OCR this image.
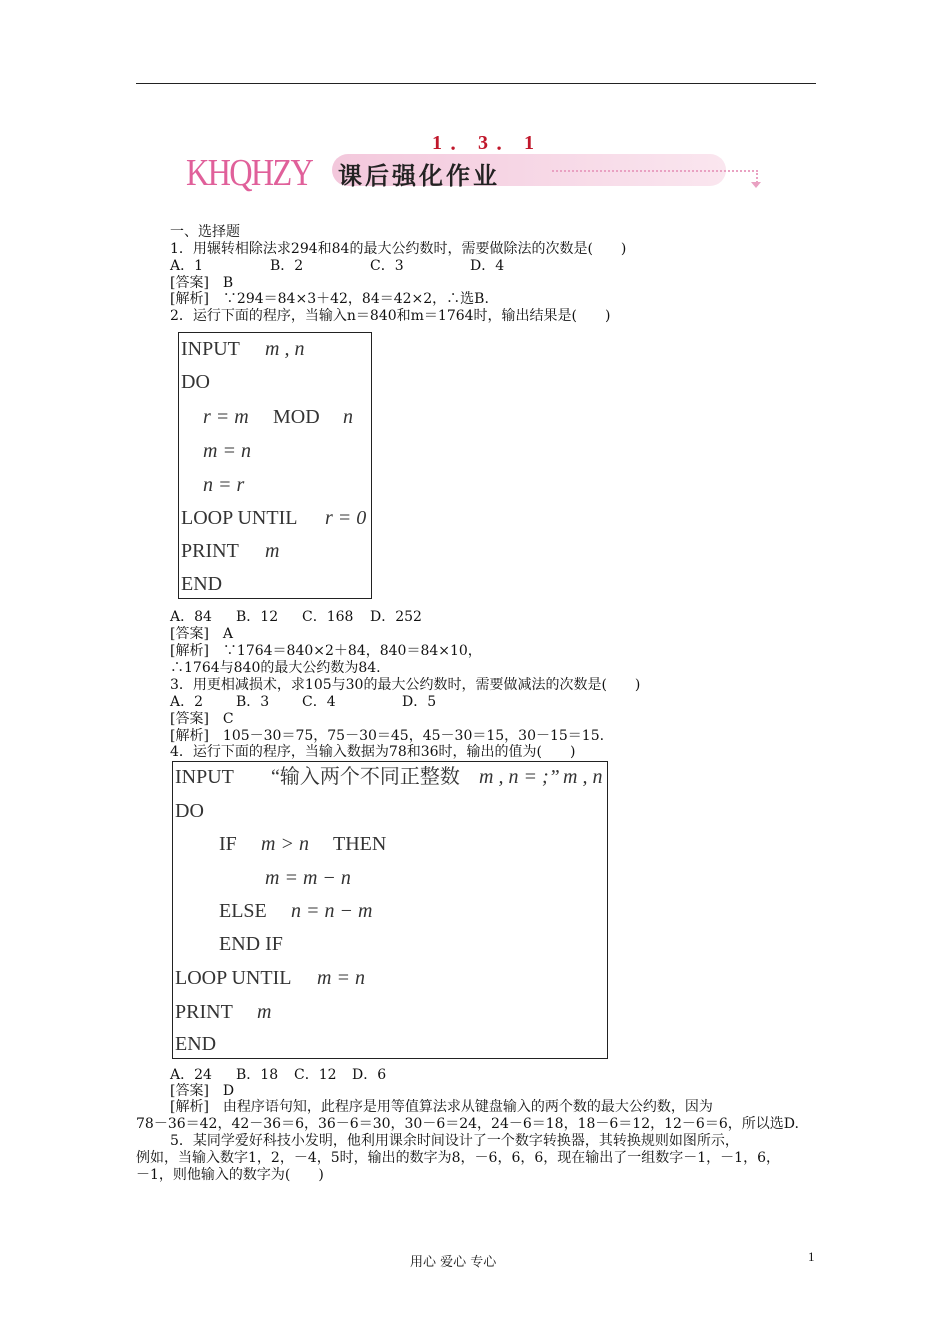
1．3．1
KHQHZY 课后强化作业
一、选择题
1．用辗转相除法求294和84的最大公约数时，需要做除法的次数是(　　)
A．1	B．2	C．3	D．4
[答案]　B
[解析]　∵294＝84×3＋42，84＝42×2，∴选B.
2．运行下面的程序，当输入n＝840和m＝1764时，输出结果是(　　)
INPUT m , n
DO
r = m MOD n
m = n
n = r
LOOP UNTIL r = 0
PRINT m
END
A．84 B．12 C．168 D．252
[答案]　A
[解析]　∵1764＝840×2＋84，840＝84×10，
∴1764与840的最大公约数为84.
3．用更相减损术，求105与30的最大公约数时，需要做减法的次数是(　　)
A．2 B．3 C．4	D．5
[答案]　C
[解析]　105－30＝75，75－30＝45，45－30＝15，30－15＝15.
4．运行下面的程序，当输入数据为78和36时，输出的值为(　　)
INPUT “输入两个不同正整数 m , n = ;” m , n
DO
IF m > n THEN
m = m − n
ELSE n = n − m
END IF
LOOP UNTIL m = n
PRINT m
END
A．24 B．18 C．12 D．6
[答案]　D
[解析]　由程序语句知，此程序是用等值算法求从键盘输入的两个数的最大公约数，因为
78－36＝42，42－36＝6，36－6＝30，30－6＝24，24－6＝18，18－6＝12，12－6＝6，所以选D.
5．某同学爱好科技小发明，他利用课余时间设计了一个数字转换器，其转换规则如图所示，
例如，当输入数字1，2，－4，5时，输出的数字为8，－6，6，6，现在输出了一组数字－1，－1，6，
－1，则他输入的数字为(　　)
用心 爱心 专心	1
